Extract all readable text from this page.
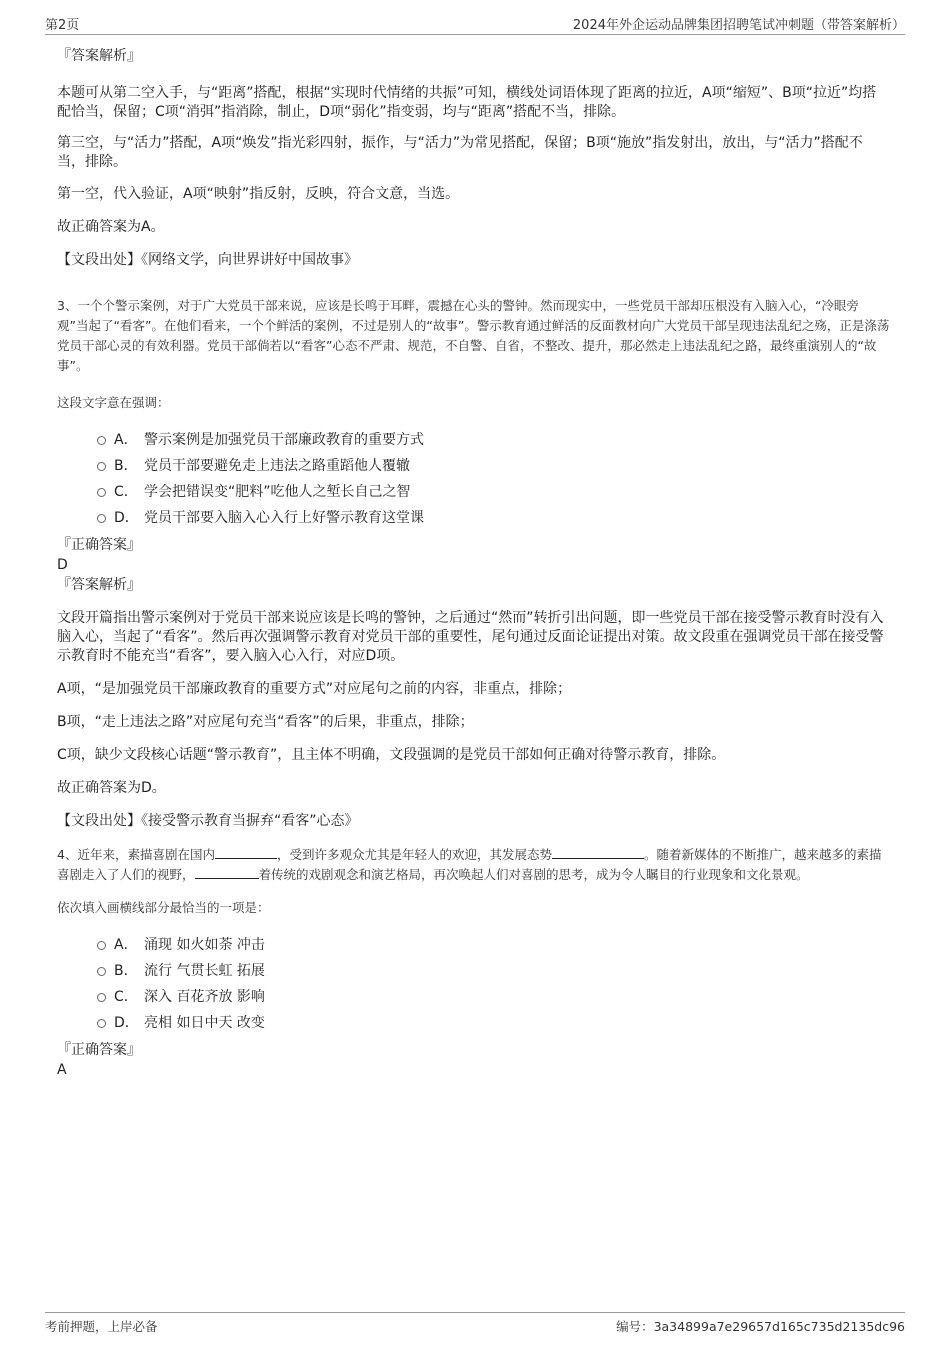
第2页	2024年外企运动品牌集团招聘笔试冲刺题（带答案解析）

『答案解析』

本题可从第二空入手，与“距离”搭配，根据“实现时代情绪的共振”可知，横线处词语体现了距离的拉近，A项“缩短”、B项“拉近”均搭配恰当，保留；C项“消弭”指消除，制止，D项“弱化”指变弱，均与“距离”搭配不当，排除。

第三空，与“活力”搭配，A项“焕发”指光彩四射，振作，与“活力”为常见搭配，保留；B项“施放”指发射出，放出，与“活力”搭配不当，排除。

第一空，代入验证，A项“映射”指反射，反映，符合文意，当选。

故正确答案为A。

【文段出处】《网络文学，向世界讲好中国故事》

3、一个个警示案例，对于广大党员干部来说，应该是长鸣于耳畔，震撼在心头的警钟。然而现实中，一些党员干部却压根没有入脑入心，“冷眼旁观”当起了“看客”。在他们看来，一个个鲜活的案例，不过是别人的“故事”。警示教育通过鲜活的反面教材向广大党员干部呈现违法乱纪之殇，正是涤荡党员干部心灵的有效利器。党员干部倘若以“看客”心态不严肃、规范，不自警、自省，不整改、提升，那必然走上违法乱纪之路，最终重演别人的“故事”。

这段文字意在强调：

A． 警示案例是加强党员干部廉政教育的重要方式
B． 党员干部要避免走上违法之路重蹈他人覆辙
C． 学会把错误变“肥料”吃他人之堑长自己之智
D． 党员干部要入脑入心入行上好警示教育这堂课

『正确答案』

D

『答案解析』

文段开篇指出警示案例对于党员干部来说应该是长鸣的警钟，之后通过“然而”转折引出问题，即一些党员干部在接受警示教育时没有入脑入心，当起了“看客”。然后再次强调警示教育对党员干部的重要性，尾句通过反面论证提出对策。故文段重在强调党员干部在接受警示教育时不能充当“看客”，要入脑入心入行，对应D项。

A项，“是加强党员干部廉政教育的重要方式”对应尾句之前的内容，非重点，排除；

B项，“走上违法之路”对应尾句充当“看客”的后果，非重点，排除；

C项，缺少文段核心话题“警示教育”，且主体不明确，文段强调的是党员干部如何正确对待警示教育，排除。

故正确答案为D。

【文段出处】《接受警示教育当摒弃“看客”心态》

4、近年来，素描喜剧在国内	，受到许多观众尤其是年轻人的欢迎，其发展态势	。随着新媒体的不断推广，越来越多的素描喜剧走入了人们的视野，	着传统的戏剧观念和演艺格局，再次唤起人们对喜剧的思考，成为令人瞩目的行业现象和文化景观。

依次填入画横线部分最恰当的一项是：

A． 涌现 如火如荼 冲击
B． 流行 气贯长虹 拓展
C． 深入 百花齐放 影响
D． 亮相 如日中天 改变

『正确答案』

A

考前押题，上岸必备	编号：3a34899a7e29657d165c735d2135dc96
